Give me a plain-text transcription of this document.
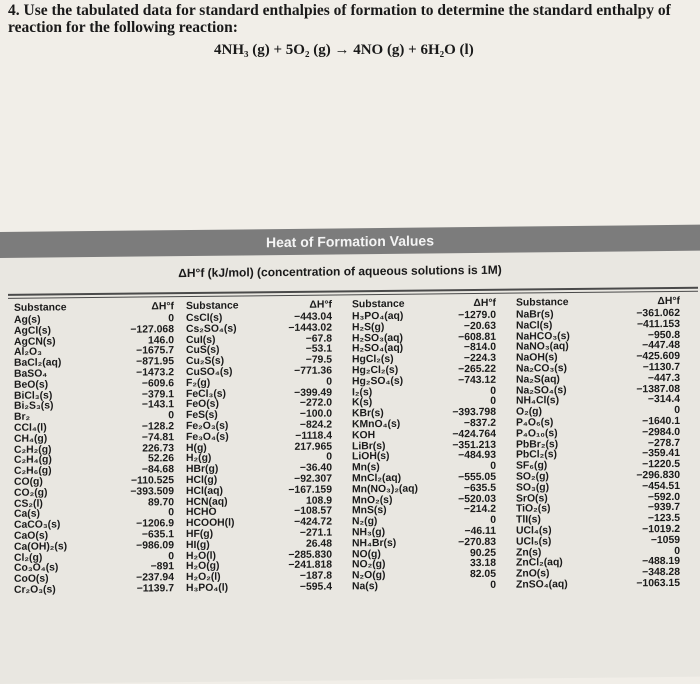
4. Use the tabulated data for standard enthalpies of formation to determine the standard enthalpy of
reaction for the following reaction:
4NH₃ (g) + 5O₂ (g) → 4NO (g) + 6H₂O (l)
Heat of Formation Values
ΔH°f (kJ/mol) (concentration of aqueous solutions is 1M)
Substance
Ag(s)
AgCl(s)
AgCN(s)
Al₂O₃
BaCl₂(aq)
BaSO₄
BeO(s)
BiCl₃(s)
Bi₂S₃(s)
Br₂
CCl₄(l)
CH₄(g)
C₂H₂(g)
C₂H₄(g)
C₂H₆(g)
CO(g)
CO₂(g)
CS₂(l)
Ca(s)
CaCO₃(s)
CaO(s)
Ca(OH)₂(s)
Cl₂(g)
Co₃O₄(s)
CoO(s)
Cr₂O₃(s)
ΔH°f
0
−127.068
146.0
−1675.7
−871.95
−1473.2
−609.6
−379.1
−143.1
0
−128.2
−74.81
226.73
52.26
−84.68
−110.525
−393.509
89.70
0
−1206.9
−635.1
−986.09
0
−891
−237.94
−1139.7
Substance
CsCl(s)
Cs₂SO₄(s)
CuI(s)
CuS(s)
Cu₂S(s)
CuSO₄(s)
F₂(g)
FeCl₃(s)
FeO(s)
FeS(s)
Fe₂O₃(s)
Fe₃O₄(s)
H(g)
H₂(g)
HBr(g)
HCl(g)
HCl(aq)
HCN(aq)
HCHO
HCOOH(l)
HF(g)
HI(g)
H₂O(l)
H₂O(g)
H₂O₂(l)
H₃PO₄(l)
ΔH°f
−443.04
−1443.02
−67.8
−53.1
−79.5
−771.36
0
−399.49
−272.0
−100.0
−824.2
−1118.4
217.965
0
−36.40
−92.307
−167.159
108.9
−108.57
−424.72
−271.1
26.48
−285.830
−241.818
−187.8
−595.4
Substance
H₃PO₄(aq)
H₂S(g)
H₂SO₃(aq)
H₂SO₄(aq)
HgCl₂(s)
Hg₂Cl₂(s)
Hg₂SO₄(s)
I₂(s)
K(s)
KBr(s)
KMnO₄(s)
KOH
LiBr(s)
LiOH(s)
Mn(s)
MnCl₂(aq)
Mn(NO₃)₂(aq)
MnO₂(s)
MnS(s)
N₂(g)
NH₃(g)
NH₄Br(s)
NO(g)
NO₂(g)
N₂O(g)
Na(s)
ΔH°f
−1279.0
−20.63
−608.81
−814.0
−224.3
−265.22
−743.12
0
0
−393.798
−837.2
−424.764
−351.213
−484.93
0
−555.05
−635.5
−520.03
−214.2
0
−46.11
−270.83
90.25
33.18
82.05
0
Substance
NaBr(s)
NaCl(s)
NaHCO₃(s)
NaNO₃(aq)
NaOH(s)
Na₂CO₃(s)
Na₂S(aq)
Na₂SO₄(s)
NH₄Cl(s)
O₂(g)
P₄O₆(s)
P₄O₁₀(s)
PbBr₂(s)
PbCl₂(s)
SF₆(g)
SO₂(g)
SO₃(g)
SrO(s)
TiO₂(s)
TlI(s)
UCl₄(s)
UCl₅(s)
Zn(s)
ZnCl₂(aq)
ZnO(s)
ZnSO₄(aq)
ΔH°f
−361.062
−411.153
−950.8
−447.48
−425.609
−1130.7
−447.3
−1387.08
−314.4
0
−1640.1
−2984.0
−278.7
−359.41
−1220.5
−296.830
−454.51
−592.0
−939.7
−123.5
−1019.2
−1059
0
−488.19
−348.28
−1063.15
